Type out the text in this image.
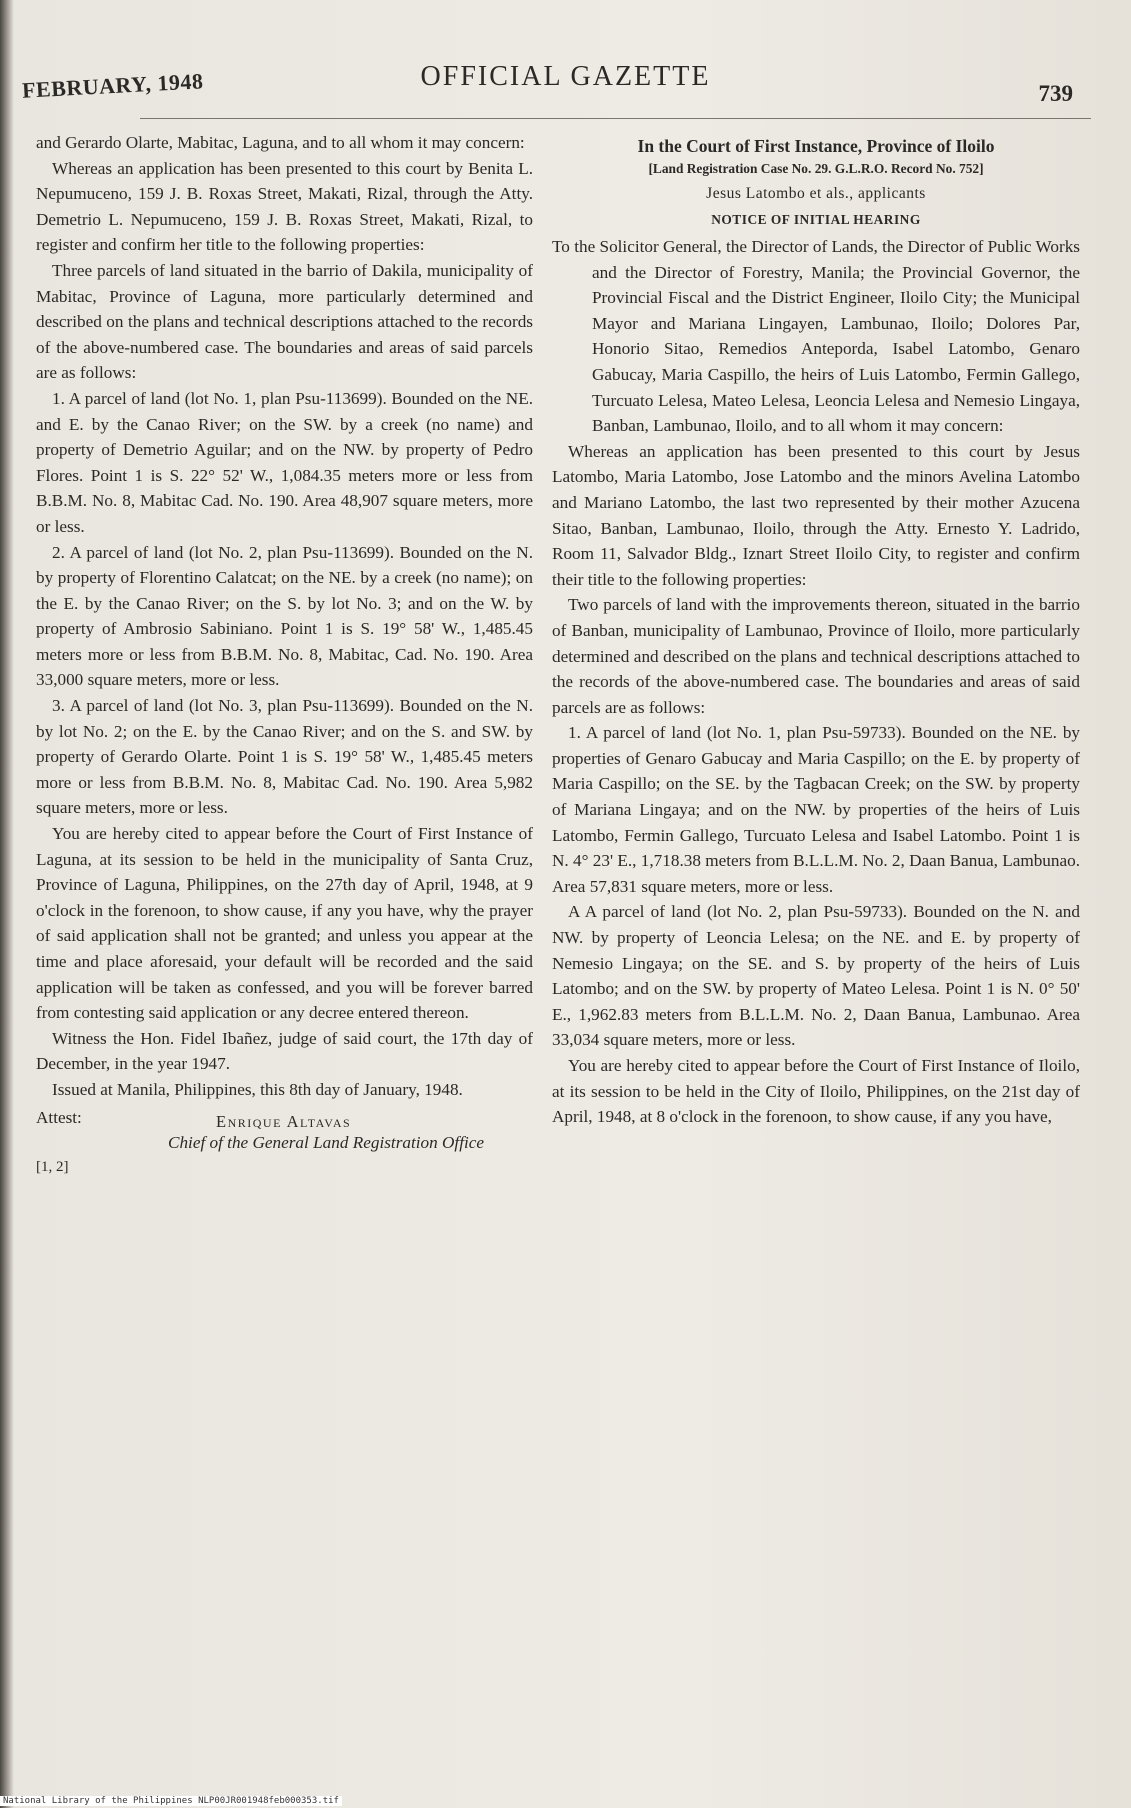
FEBRUARY, 1948	OFFICIAL GAZETTE
739

and Gerardo Olarte, Mabitac, Laguna, and to all whom it may concern:

Whereas an application has been presented to this court by Benita L. Nepumuceno, 159 J. B. Roxas Street, Makati, Rizal, through the Atty. Demetrio L. Nepumuceno, 159 J. B. Roxas Street, Makati, Rizal, to register and confirm her title to the following properties:

Three parcels of land situated in the barrio of Dakila, municipality of Mabitac, Province of Laguna, more particularly determined and described on the plans and technical descriptions attached to the records of the above-numbered case. The boundaries and areas of said parcels are as follows:

1. A parcel of land (lot No. 1, plan Psu-113699). Bounded on the NE. and E. by the Canao River; on the SW. by a creek (no name) and property of Demetrio Aguilar; and on the NW. by property of Pedro Flores. Point 1 is S. 22° 52' W., 1,084.35 meters more or less from B.B.M. No. 8, Mabitac Cad. No. 190. Area 48,907 square meters, more or less.

2. A parcel of land (lot No. 2, plan Psu-113699). Bounded on the N. by property of Florentino Calatcat; on the NE. by a creek (no name); on the E. by the Canao River; on the S. by lot No. 3; and on the W. by property of Ambrosio Sabiniano. Point 1 is S. 19° 58' W., 1,485.45 meters more or less from B.B.M. No. 8, Mabitac, Cad. No. 190. Area 33,000 square meters, more or less.

3. A parcel of land (lot No. 3, plan Psu-113699). Bounded on the N. by lot No. 2; on the E. by the Canao River; and on the S. and SW. by property of Gerardo Olarte. Point 1 is S. 19° 58' W., 1,485.45 meters more or less from B.B.M. No. 8, Mabitac Cad. No. 190. Area 5,982 square meters, more or less.

You are hereby cited to appear before the Court of First Instance of Laguna, at its session to be held in the municipality of Santa Cruz, Province of Laguna, Philippines, on the 27th day of April, 1948, at 9 o'clock in the forenoon, to show cause, if any you have, why the prayer of said application shall not be granted; and unless you appear at the time and place aforesaid, your default will be recorded and the said application will be taken as confessed, and you will be forever barred from contesting said application or any decree entered thereon.

Witness the Hon. Fidel Ibañez, judge of said court, the 17th day of December, in the year 1947.

Issued at Manila, Philippines, this 8th day of January, 1948.

Attest:	Enrique Altavas
Chief of the General Land Registration Office
[1, 2]
In the Court of First Instance, Province of Iloilo
[Land Registration Case No. 29. G.L.R.O. Record No. 752]
Jesus Latombo et als., applicants
NOTICE OF INITIAL HEARING

To the Solicitor General, the Director of Lands, the Director of Public Works and the Director of Forestry, Manila; the Provincial Governor, the Provincial Fiscal and the District Engineer, Iloilo City; the Municipal Mayor and Mariana Lingayen, Lambunao, Iloilo; Dolores Par, Honorio Sitao, Remedios Anteporda, Isabel Latombo, Genaro Gabucay, Maria Caspillo, the heirs of Luis Latombo, Fermin Gallego, Turcuato Lelesa, Mateo Lelesa, Leoncia Lelesa and Nemesio Lingaya, Banban, Lambunao, Iloilo, and to all whom it may concern:

Whereas an application has been presented to this court by Jesus Latombo, Maria Latombo, Jose Latombo and the minors Avelina Latombo and Mariano Latombo, the last two represented by their mother Azucena Sitao, Banban, Lambunao, Iloilo, through the Atty. Ernesto Y. Ladrido, Room 11, Salvador Bldg., Iznart Street Iloilo City, to register and confirm their title to the following properties:

Two parcels of land with the improvements thereon, situated in the barrio of Banban, municipality of Lambunao, Province of Iloilo, more particularly determined and described on the plans and technical descriptions attached to the records of the above-numbered case. The boundaries and areas of said parcels are as follows:

1. A parcel of land (lot No. 1, plan Psu-59733). Bounded on the NE. by properties of Genaro Gabucay and Maria Caspillo; on the E. by property of Maria Caspillo; on the SE. by the Tagbacan Creek; on the SW. by property of Mariana Lingaya; and on the NW. by properties of the heirs of Luis Latombo, Fermin Gallego, Turcuato Lelesa and Isabel Latombo. Point 1 is N. 4° 23' E., 1,718.38 meters from B.L.L.M. No. 2, Daan Banua, Lambunao. Area 57,831 square meters, more or less.

A A parcel of land (lot No. 2, plan Psu-59733). Bounded on the N. and NW. by property of Leoncia Lelesa; on the NE. and E. by property of Nemesio Lingaya; on the SE. and S. by property of the heirs of Luis Latombo; and on the SW. by property of Mateo Lelesa. Point 1 is N. 0° 50' E., 1,962.83 meters from B.L.L.M. No. 2, Daan Banua, Lambunao. Area 33,034 square meters, more or less.

You are hereby cited to appear before the Court of First Instance of Iloilo, at its session to be held in the City of Iloilo, Philippines, on the 21st day of April, 1948, at 8 o'clock in the forenoon, to show cause, if any you have,

National Library of the Philippines NLP00JR001948feb000353.tif
